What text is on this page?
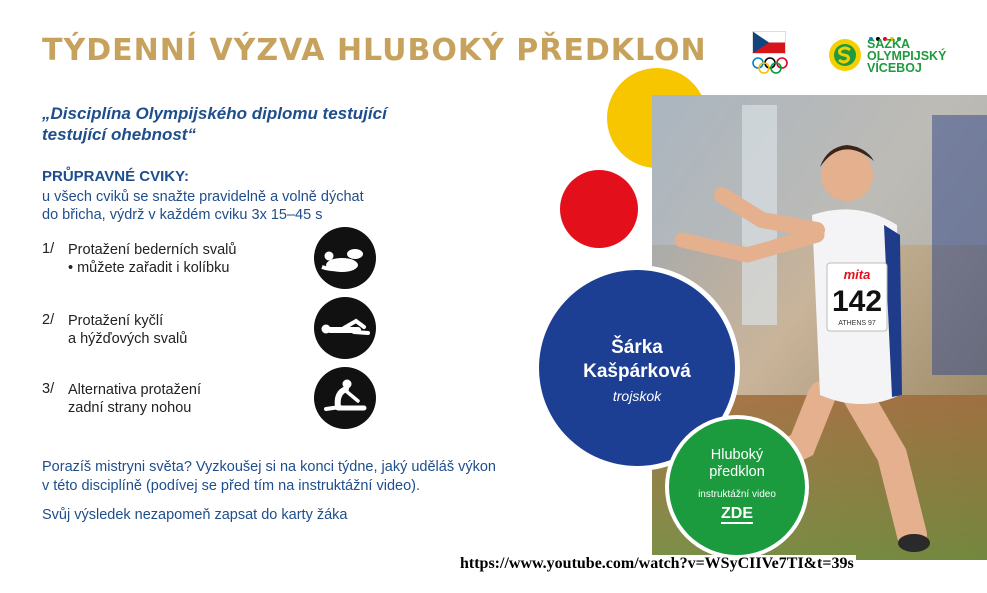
TÝDENNÍ VÝZVA HLUBOKÝ PŘEDKLON	SAZKA
OLYMPIJSKÝ
VÍCEBOJ
„Disciplína Olympijského diplomu testující
testující ohebnost“
PRŮPRAVNÉ CVIKY:
u všech cviků se snažte pravidelně a volně dýchat
do břicha, výdrž v každém cviku 3x 15–45 s
1/ Protažení bederních svalů
• můžete zařadit i kolíbku
2/ Protažení kyčlí
a hýžďových svalů
3/ Alternativa protažení
zadní strany nohou
Porazíš mistryni světa? Vyzkoušej si na konci týdne, jaký uděláš výkon
v této disciplíně (podívej se před tím na instruktážní video).
Svůj výsledek nezapomeň zapsat do karty žáka
mita
142
ATHENS 97
Šárka
Kašpárková
trojskok
Hluboký
předklon
instruktážní video
ZDE
https://www.youtube.com/watch?v=WSyCIIVe7TI&t=39s
